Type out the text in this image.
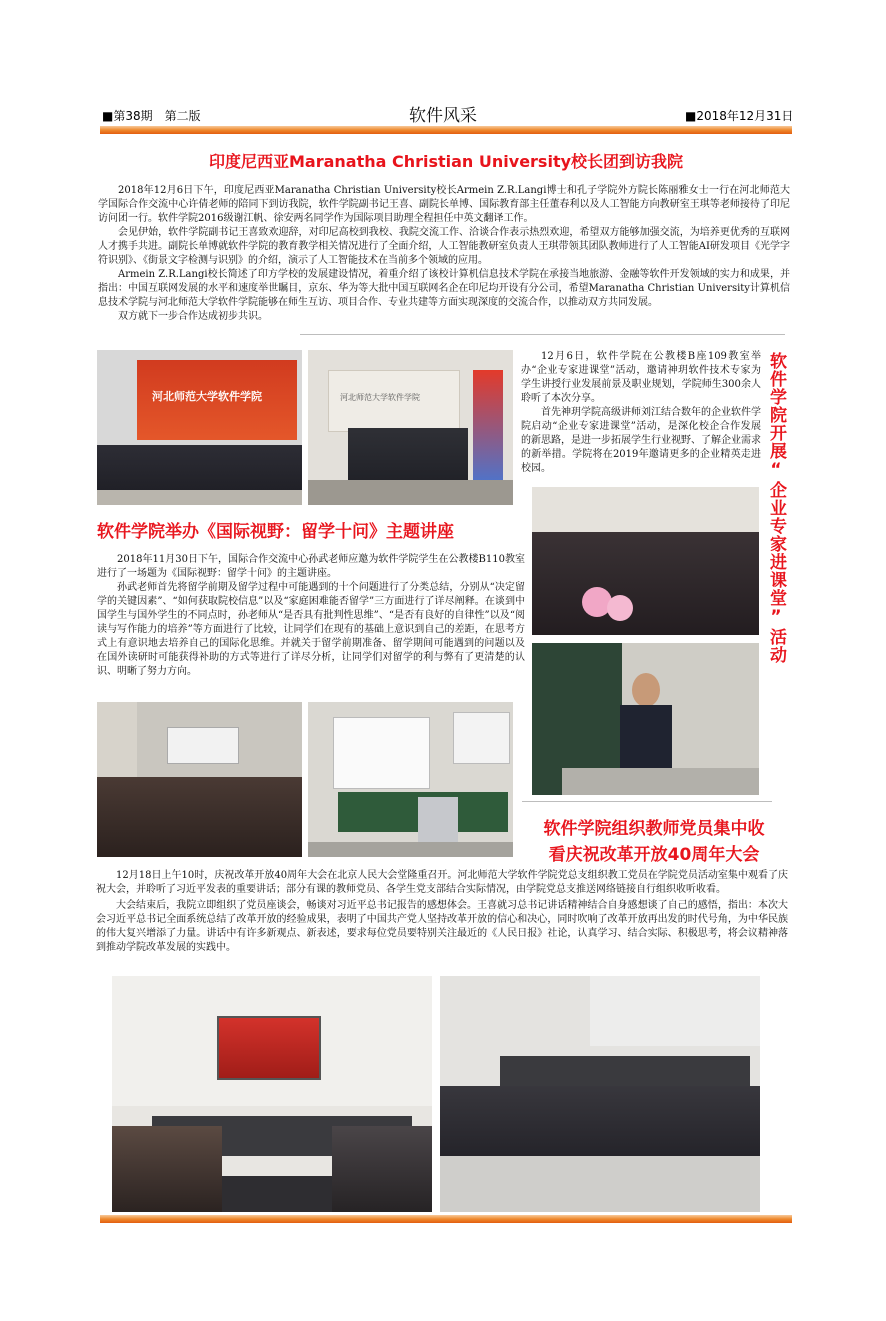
■第38期　第二版	软件风采	■2018年12月31日
印度尼西亚Maranatha Christian University校长团到访我院

2018年12月6日下午，印度尼西亚Maranatha Christian University校长Armein Z.R.Langi博士和孔子学院外方院长陈丽雅女士一行在河北师范大学国际合作交流中心许倩老师的陪同下到访我院，软件学院副书记王喜、副院长单博、国际教育部主任董春利以及人工智能方向教研室王琪等老师接待了印尼访问团一行。软件学院2016级谢江帆、徐安两名同学作为国际项目助理全程担任中英文翻译工作。

会见伊始，软件学院副书记王喜致欢迎辞，对印尼高校到我校、我院交流工作、洽谈合作表示热烈欢迎，希望双方能够加强交流，为培养更优秀的互联网人才携手共进。副院长单博就软件学院的教育教学相关情况进行了全面介绍，人工智能教研室负责人王琪带领其团队教师进行了人工智能AI研发项目《光学字符识别》、《街景文字检测与识别》的介绍，演示了人工智能技术在当前多个领域的应用。

Armein Z.R.Langi校长简述了印方学校的发展建设情况，着重介绍了该校计算机信息技术学院在承接当地旅游、金融等软件开发领域的实力和成果，并指出：中国互联网发展的水平和速度举世瞩目，京东、华为等大批中国互联网名企在印尼均开设有分公司，希望Maranatha Christian University计算机信息技术学院与河北师范大学软件学院能够在师生互访、项目合作、专业共建等方面实现深度的交流合作，以推动双方共同发展。

双方就下一步合作达成初步共识。

河北师范大学软件学院	河北师范大学软件学院
软件学院举办《国际视野：留学十问》主题讲座

2018年11月30日下午，国际合作交流中心孙武老师应邀为软件学院学生在公教楼B110教室进行了一场题为《国际视野：留学十问》的主题讲座。

孙武老师首先将留学前期及留学过程中可能遇到的十个问题进行了分类总结，分别从“决定留学的关键因素”、“如何获取院校信息”以及“家庭困难能否留学”三方面进行了详尽阐释。在谈到中国学生与国外学生的不同点时，孙老师从“是否具有批判性思维”、“是否有良好的自律性”以及“阅读与写作能力的培养”等方面进行了比较，让同学们在现有的基础上意识到自己的差距，在思考方式上有意识地去培养自己的国际化思维。并就关于留学前期准备、留学期间可能遇到的问题以及在国外读研时可能获得补助的方式等进行了详尽分析，让同学们对留学的利与弊有了更清楚的认识、明晰了努力方向。

12月6日，软件学院在公教楼B座109教室举办“企业专家进课堂”活动，邀请神玥软件技术专家为学生讲授行业发展前景及职业规划，学院师生300余人聆听了本次分享。

首先神玥学院高级讲师刘江结合数年的企业软件学院启动“企业专家进课堂”活动，是深化校企合作发展的新思路，是进一步拓展学生行业视野、了解企业需求的新举措。学院将在2019年邀请更多的企业精英走进校园。	软件学院开展“企业专家进课堂”活动
软件学院组织教师党员集中收
看庆祝改革开放40周年大会

12月18日上午10时，庆祝改革开放40周年大会在北京人民大会堂隆重召开。河北师范大学软件学院党总支组织教工党员在学院党员活动室集中观看了庆祝大会，并聆听了习近平发表的重要讲话；部分有课的教师党员、各学生党支部结合实际情况，由学院党总支推送网络链接自行组织收听收看。

大会结束后，我院立即组织了党员座谈会，畅谈对习近平总书记报告的感想体会。王喜就习总书记讲话精神结合自身感想谈了自己的感悟，指出：本次大会习近平总书记全面系统总结了改革开放的经验成果，表明了中国共产党人坚持改革开放的信心和决心，同时吹响了改革开放再出发的时代号角，为中华民族的伟大复兴增添了力量。讲话中有许多新观点、新表述，要求每位党员要特别关注最近的《人民日报》社论，认真学习、结合实际、积极思考，将会议精神落到推动学院改革发展的实践中。
